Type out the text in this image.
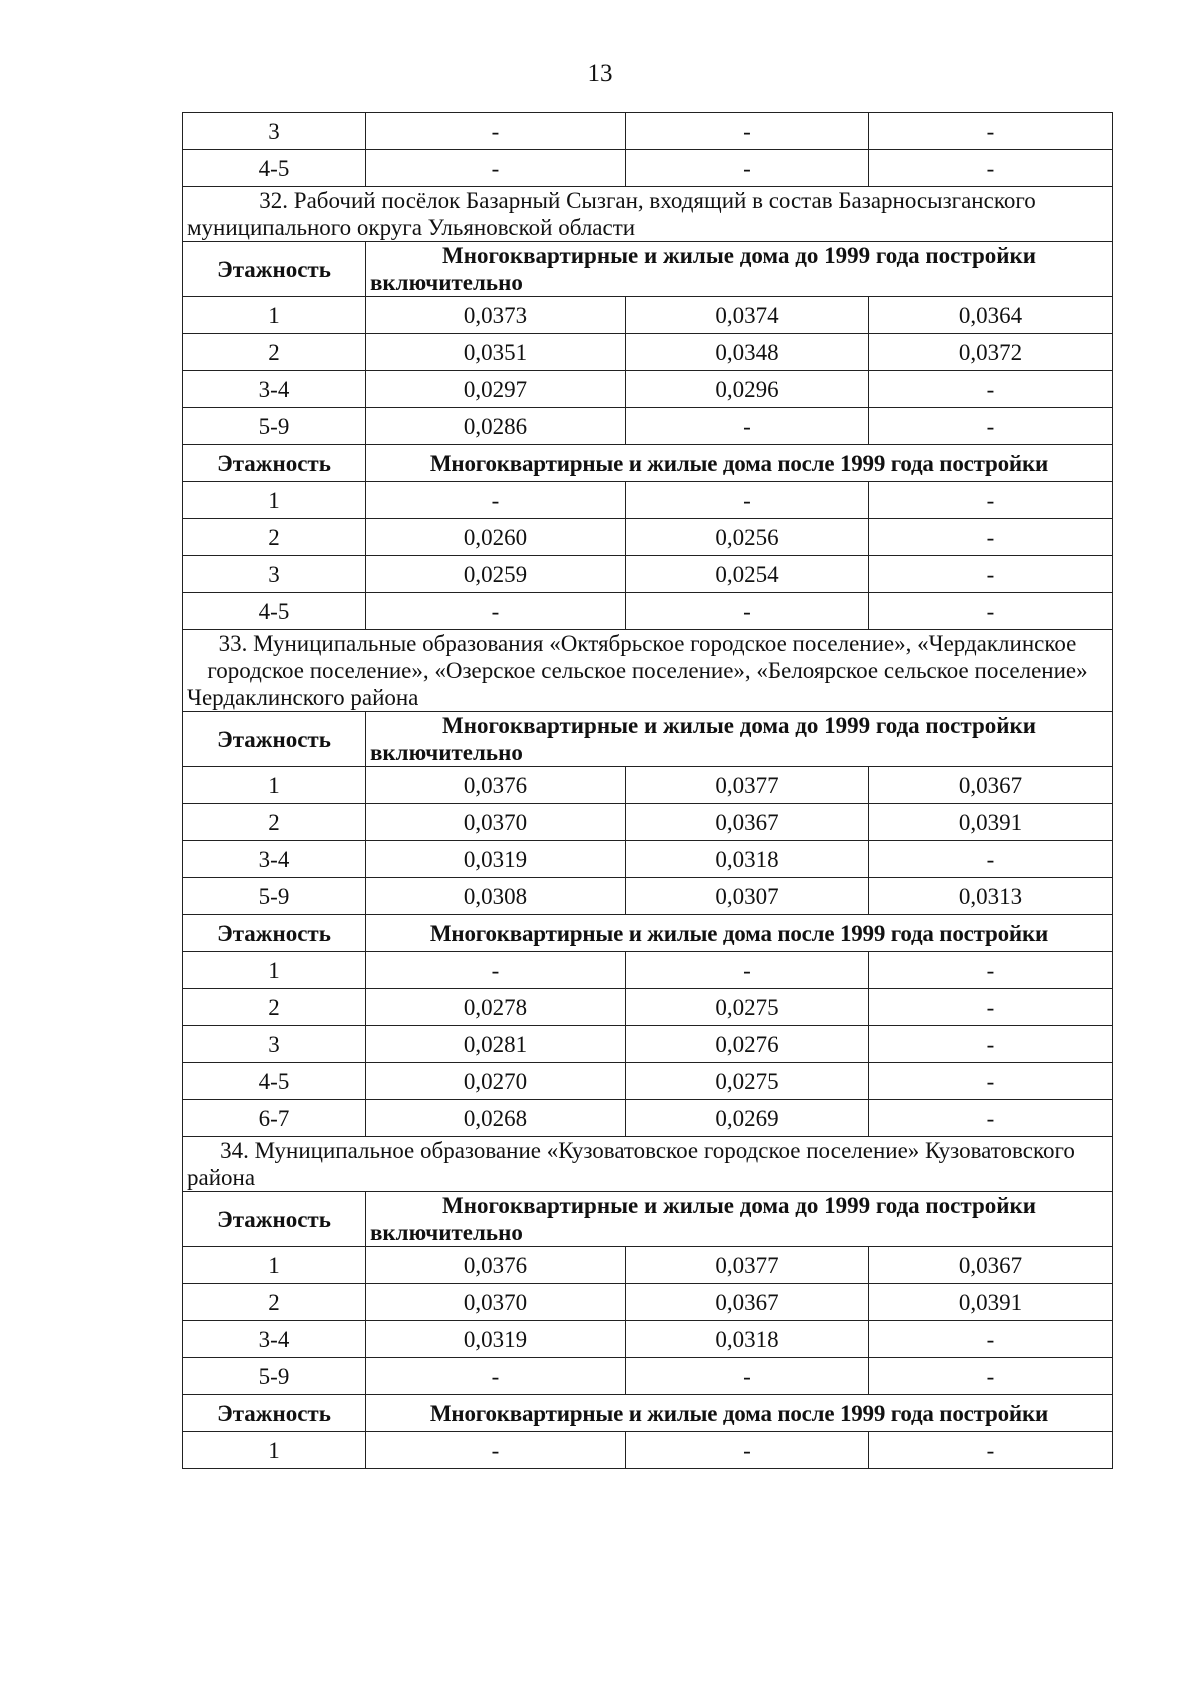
13
3	-	-	-
4-5	-	-	-
32. Рабочий посёлок Базарный Сызган, входящий в состав Базарносызганского муниципального округа Ульяновской области			
Этажность	Многоквартирные и жилые дома до 1999 года постройки включительно		
1	0,0373	0,0374	0,0364
2	0,0351	0,0348	0,0372
3-4	0,0297	0,0296	-
5-9	0,0286	-	-
Этажность	Многоквартирные и жилые дома после 1999 года постройки		
1	-	-	-
2	0,0260	0,0256	-
3	0,0259	0,0254	-
4-5	-	-	-
33. Муниципальные образования «Октябрьское городское поселение», «Чердаклинское городское поселение», «Озерское сельское поселение», «Белоярское сельское поселение» Чердаклинского района			
Этажность	Многоквартирные и жилые дома до 1999 года постройки включительно		
1	0,0376	0,0377	0,0367
2	0,0370	0,0367	0,0391
3-4	0,0319	0,0318	-
5-9	0,0308	0,0307	0,0313
Этажность	Многоквартирные и жилые дома после 1999 года постройки		
1	-	-	-
2	0,0278	0,0275	-
3	0,0281	0,0276	-
4-5	0,0270	0,0275	-
6-7	0,0268	0,0269	-
34. Муниципальное образование «Кузоватовское городское поселение» Кузоватовского района			
Этажность	Многоквартирные и жилые дома до 1999 года постройки включительно		
1	0,0376	0,0377	0,0367
2	0,0370	0,0367	0,0391
3-4	0,0319	0,0318	-
5-9	-	-	-
Этажность	Многоквартирные и жилые дома после 1999 года постройки		
1	-	-	-
